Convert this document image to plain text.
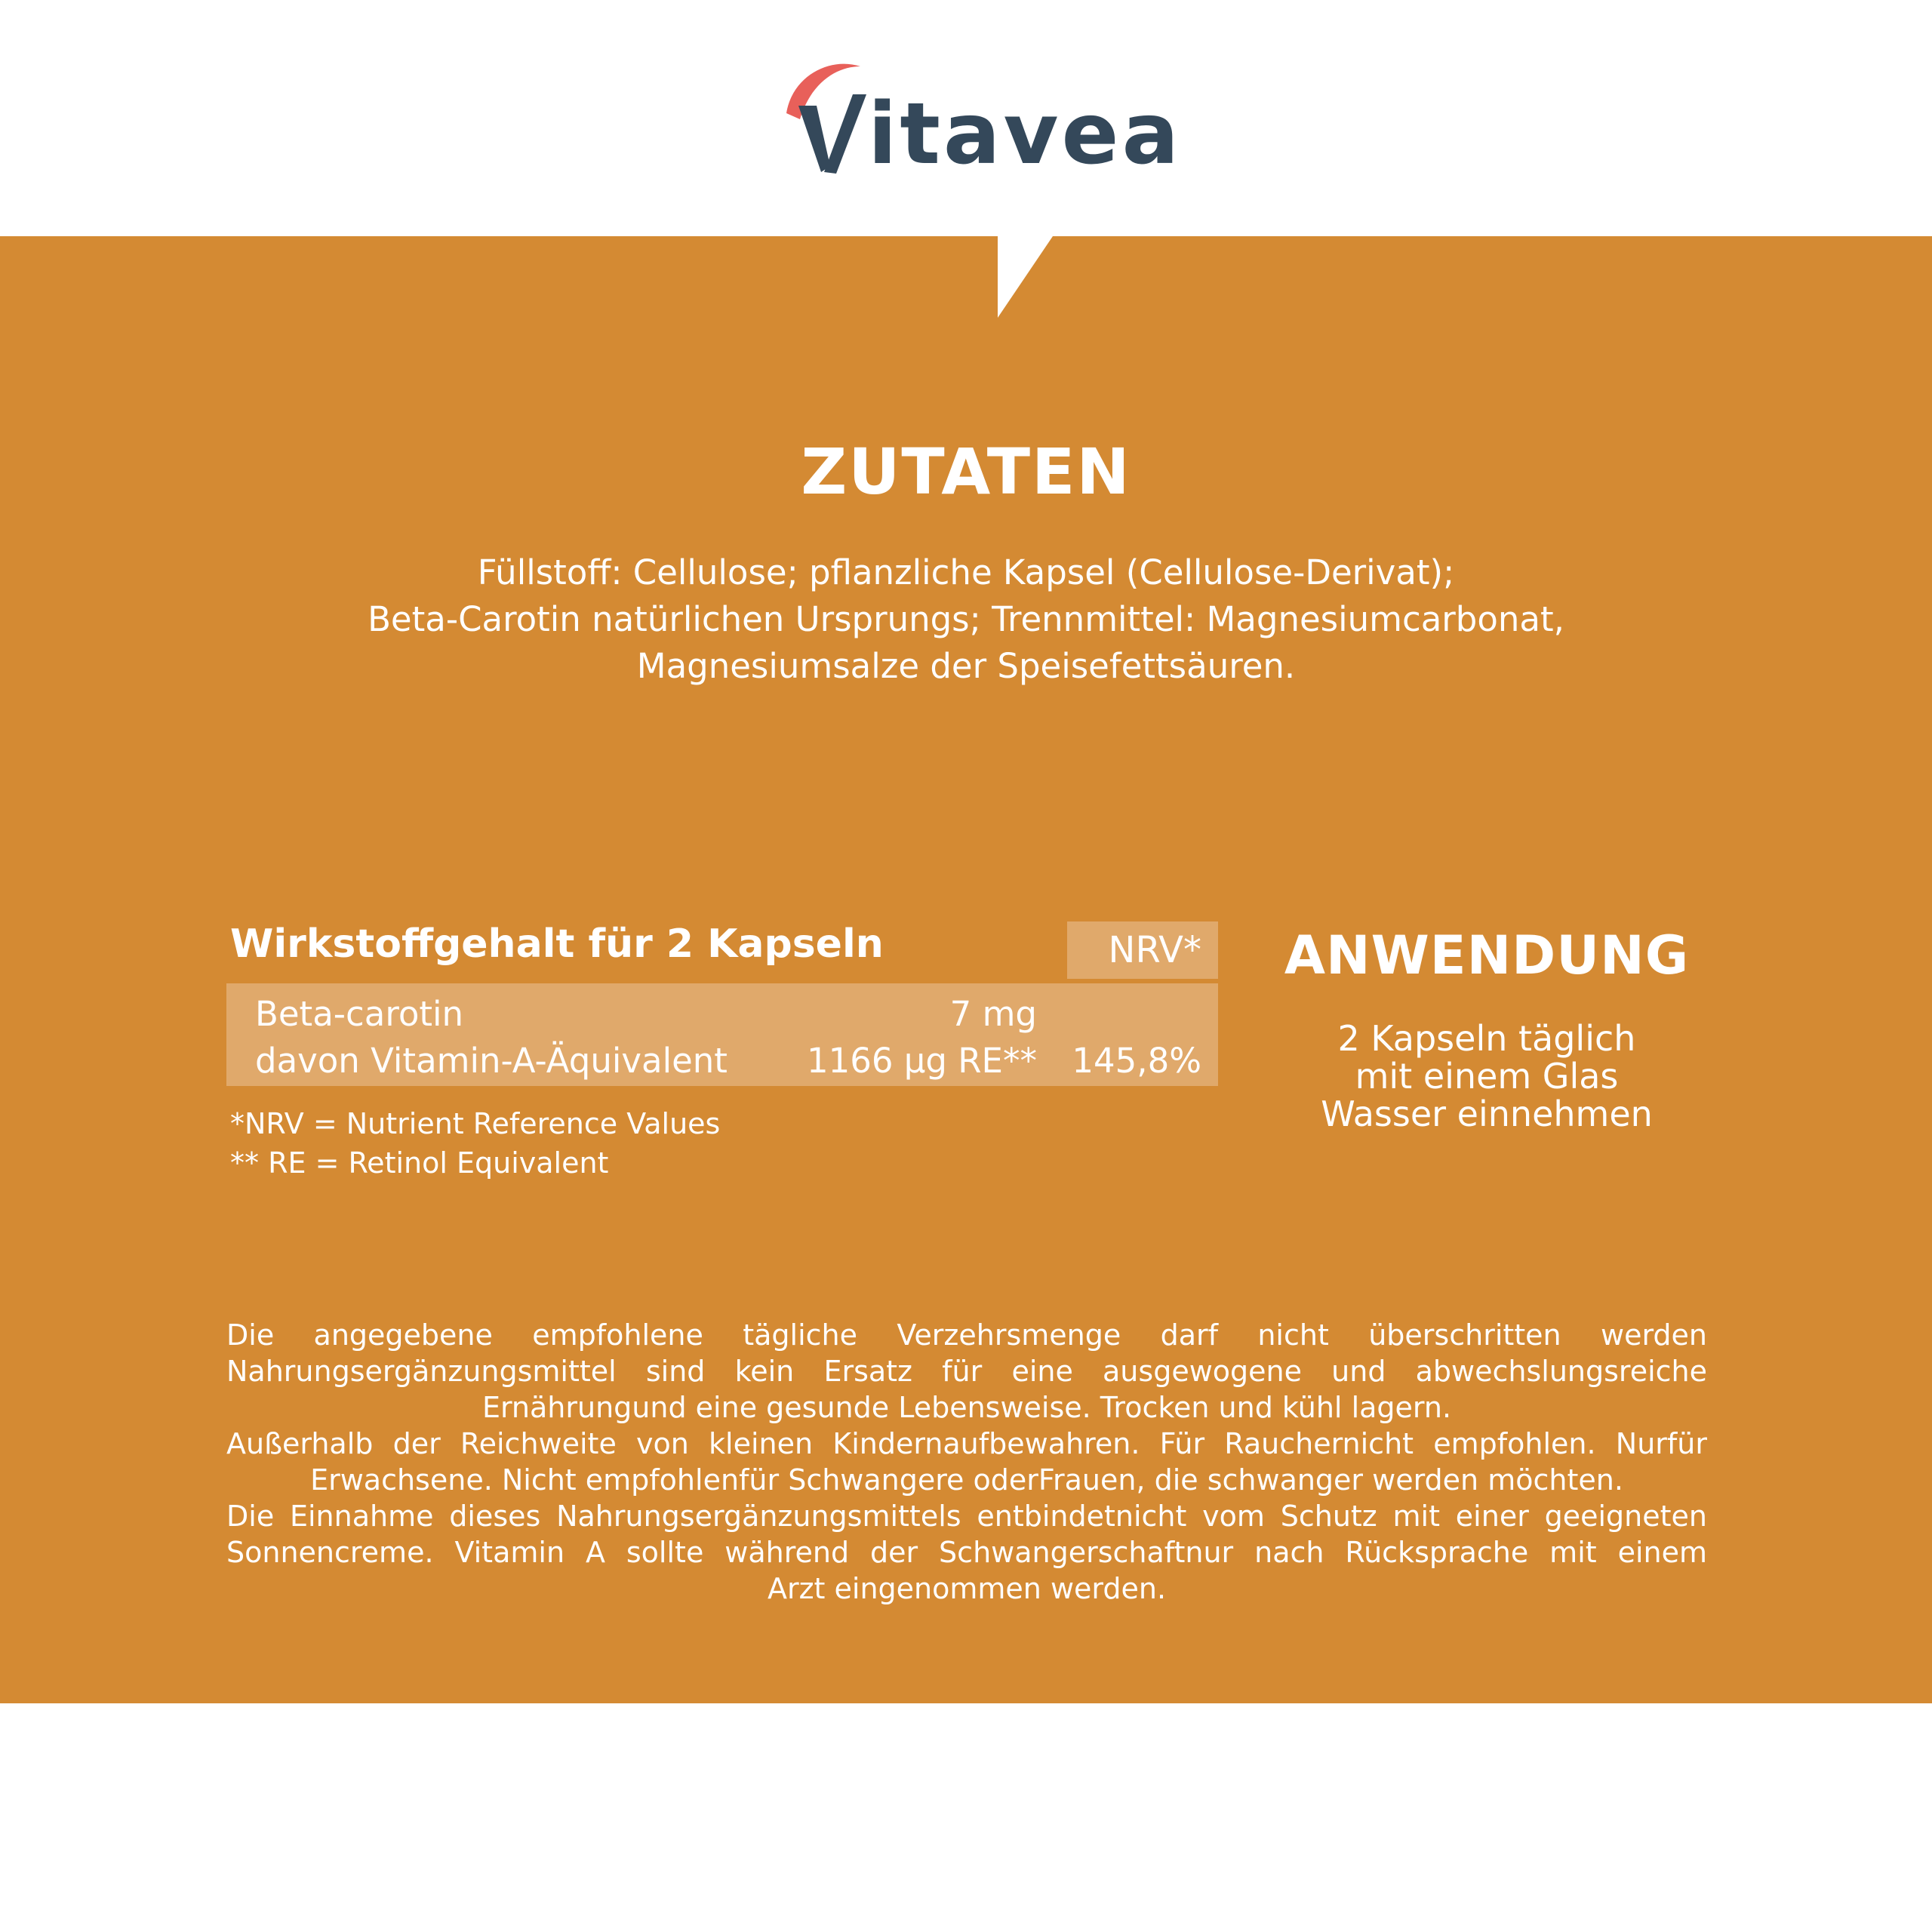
itavea
ZUTATEN
Füllstoff: Cellulose; pflanzliche Kapsel (Cellulose-Derivat);
Beta-Carotin natürlichen Ursprungs; Trennmittel: Magnesiumcarbonat,
Magnesiumsalze der Speisefettsäuren.
Wirkstoffgehalt für 2 Kapseln	NRV*
Beta-carotin	7 mg
davon Vitamin-A-Äquivalent 1166 µg RE** 145,8%
*NRV = Nutrient Reference Values
** RE = Retinol Equivalent
ANWENDUNG
2 Kapseln täglich
mit einem Glas
Wasser einnehmen
Die angegebene empfohlene tägliche Verzehrsmenge darf nicht überschritten werden
Nahrungsergänzungsmittel sind kein Ersatz für eine ausgewogene und abwechslungsreiche
Ernährungund eine gesunde Lebensweise. Trocken und kühl lagern.
Außerhalb der Reichweite von kleinen Kindernaufbewahren. Für Rauchernicht empfohlen. Nurfür
Erwachsene. Nicht empfohlenfür Schwangere oderFrauen, die schwanger werden möchten.
Die Einnahme dieses Nahrungsergänzungsmittels entbindetnicht vom Schutz mit einer geeigneten
Sonnencreme. Vitamin A sollte während der Schwangerschaftnur nach Rücksprache mit einem
Arzt eingenommen werden.
